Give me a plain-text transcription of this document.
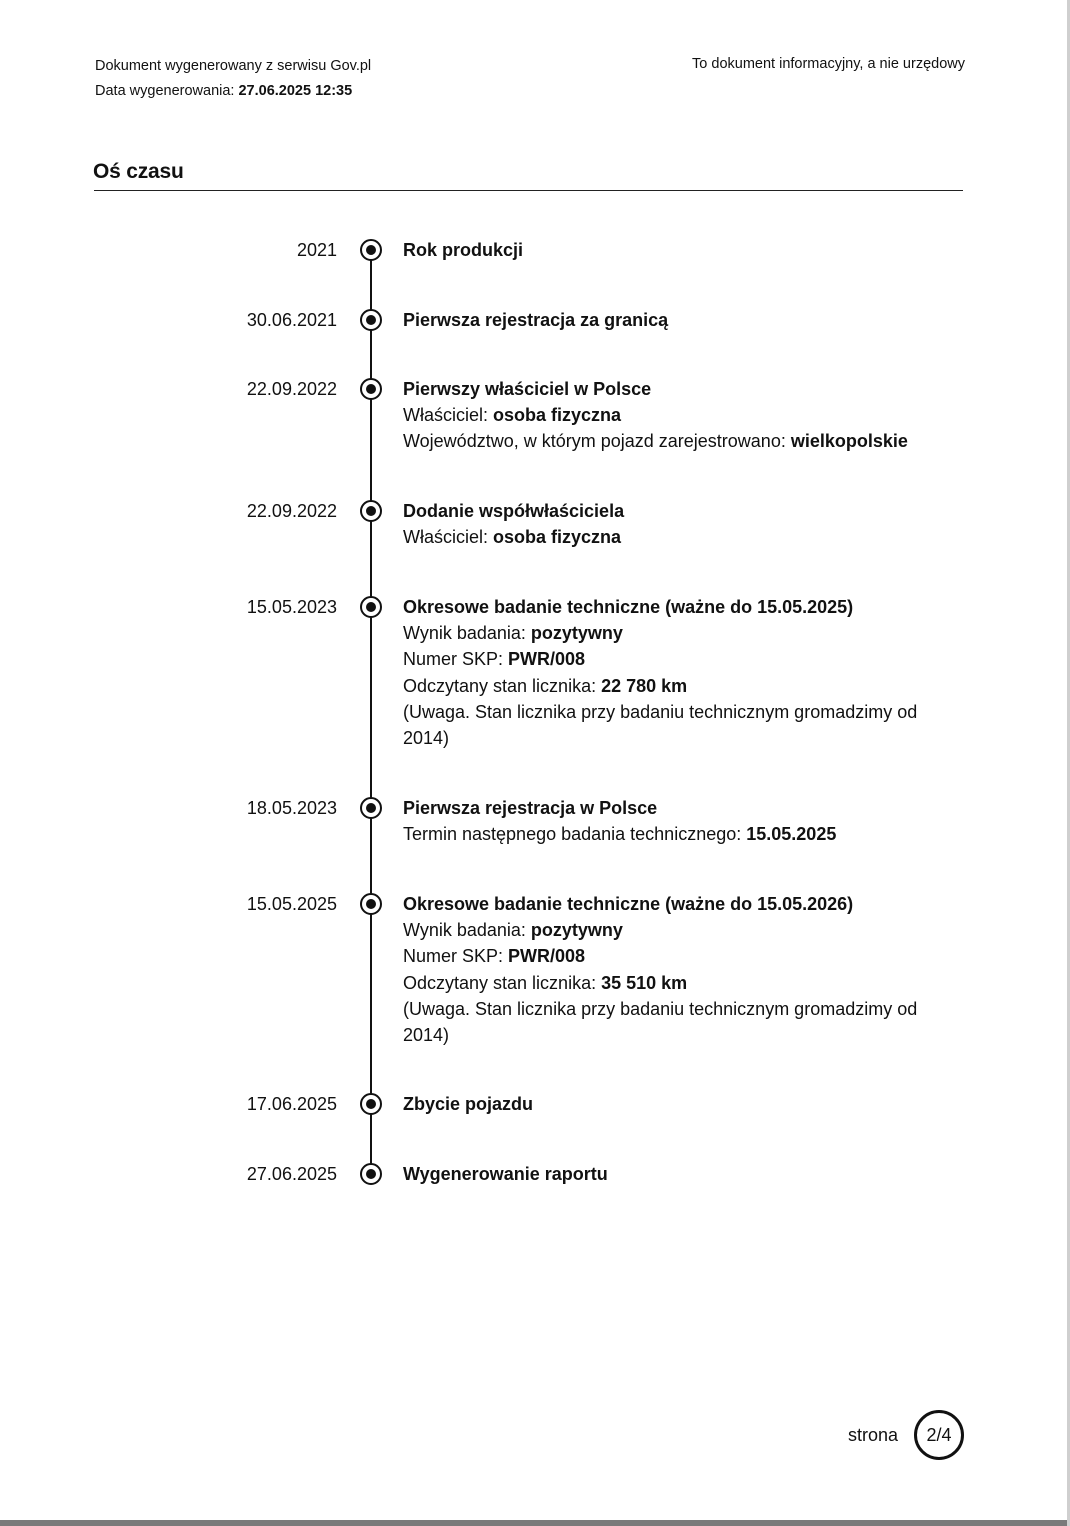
Dokument wygenerowany z serwisu Gov.pl
Data wygenerowania: 27.06.2025 12:35
To dokument informacyjny, a nie urzędowy
Oś czasu
2021	Rok produkcji
30.06.2021	Pierwsza rejestracja za granicą
22.09.2022	Pierwszy właściciel w Polsce
Właściciel: osoba fizyczna
Województwo, w którym pojazd zarejestrowano: wielkopolskie
22.09.2022	Dodanie współwłaściciela
Właściciel: osoba fizyczna
15.05.2023	Okresowe badanie techniczne (ważne do 15.05.2025)
Wynik badania: pozytywny
Numer SKP: PWR/008
Odczytany stan licznika: 22 780 km
(Uwaga. Stan licznika przy badaniu technicznym gromadzimy od 2014)
18.05.2023	Pierwsza rejestracja w Polsce
Termin następnego badania technicznego: 15.05.2025
15.05.2025	Okresowe badanie techniczne (ważne do 15.05.2026)
Wynik badania: pozytywny
Numer SKP: PWR/008
Odczytany stan licznika: 35 510 km
(Uwaga. Stan licznika przy badaniu technicznym gromadzimy od 2014)
17.06.2025	Zbycie pojazdu
27.06.2025	Wygenerowanie raportu
strona 2/4
